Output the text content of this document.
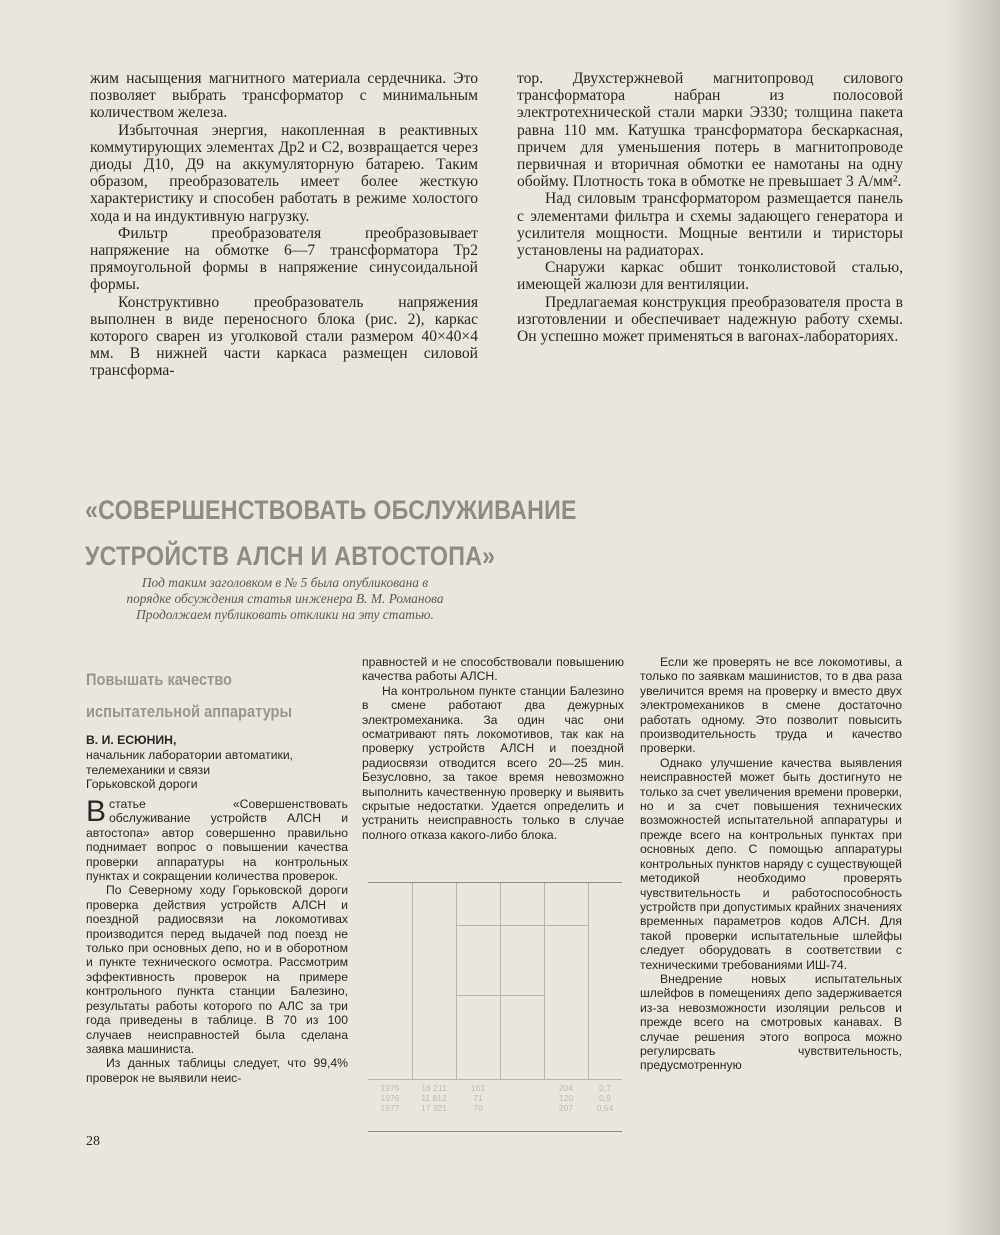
жим насыщения магнитного материала сердечника. Это позволяет выбрать трансформатор с минимальным количеством железа.

Избыточная энергия, накопленная в реактивных коммутирующих элементах Др2 и С2, возвращается через диоды Д10, Д9 на аккумуляторную батарею. Таким образом, преобразователь имеет более жесткую характеристику и способен работать в режиме холостого хода и на индуктивную нагрузку.

Фильтр преобразователя преобразовывает напряжение на обмотке 6—7 трансформатора Тр2 прямоугольной формы в напряжение синусоидальной формы.

Конструктивно преобразователь напряжения выполнен в виде переносного блока (рис. 2), каркас которого сварен из уголковой стали размером 40×40×4 мм. В нижней части каркаса размещен силовой трансформа-

тор. Двухстержневой магнитопровод силового трансформатора набран из полосовой электротехнической стали марки Э330; толщина пакета равна 110 мм. Катушка трансформатора бескаркасная, причем для уменьшения потерь в магнитопроводе первичная и вторичная обмотки ее намотаны на одну обойму. Плотность тока в обмотке не превышает 3 А/мм².

Над силовым трансформатором размещается панель с элементами фильтра и схемы задающего генератора и усилителя мощности. Мощные вентили и тиристоры установлены на радиаторах.

Снаружи каркас обшит тонколистовой сталью, имеющей жалюзи для вентиляции.

Предлагаемая конструкция преобразователя проста в изготовлении и обеспечивает надежную работу схемы. Он успешно может применяться в вагонах-лабораториях.

«СОВЕРШЕНСТВОВАТЬ ОБСЛУЖИВАНИЕ
УСТРОЙСТВ АЛСН И АВТОСТОПА»
Под таким заголовком в № 5 была опубликована в
порядке обсуждения статья инженера В. М. Романова
Продолжаем публиковать отклики на эту статью.
Повышать качество
испытательной аппаратуры
В. И. ЕСЮНИН,
начальник лаборатории автоматики,
телемеханики и связи
Горьковской дороги

Встатье «Совершенствовать обслуживание устройств АЛСН и автостопа» автор совершенно правильно поднимает вопрос о повышении качества проверки аппаратуры на контрольных пунктах и сокращении количества проверок.

По Северному ходу Горьковской дороги проверка действия устройств АЛСН и поездной радиосвязи на локомотивах производится перед выдачей под поезд не только при основных депо, но и в оборотном и пункте технического осмотра. Рассмотрим эффективность проверок на примере контрольного пункта станции Балезино, результаты работы которого по АЛС за три года приведены в таблице. В 70 из 100 случаев неисправностей была сделана заявка машиниста.

Из данных таблицы следует, что 99,4% проверок не выявили неис-

правностей и не способствовали повышению качества работы АЛСН.

На контрольном пункте станции Балезино в смене работают два дежурных электромеханика. За один час они осматривают пять локомотивов, так как на проверку устройств АЛСН и поездной радиосвязи отводится всего 20—25 мин. Безусловно, за такое время невозможно выполнить качественную проверку и выявить скрытые недостатки. Удается определить и устранить неисправность только в случае полного отказа какого-либо блока.

1975	16 211	161	204	0,7
1976	11 812	71	120	0,9
1977	17 321	70	207	0,54

Если же проверять не все локомотивы, а только по заявкам машинистов, то в два раза увеличится время на проверку и вместо двух электромехаников в смене достаточно работать одному. Это позволит повысить производительность труда и качество проверки.

Однако улучшение качества выявления неисправностей может быть достигнуто не только за счет увеличения времени проверки, но и за счет повышения технических возможностей испытательной аппаратуры и прежде всего на контрольных пунктах при основных депо. С помощью аппаратуры контрольных пунктов наряду с существующей методикой необходимо проверять чувствительность и работоспособность устройств при допустимых крайних значениях временных параметров кодов АЛСН. Для такой проверки испытательные шлейфы следует оборудовать в соответствии с техническими требованиями ИШ-74.

Внедрение новых испытательных шлейфов в помещениях депо задерживается из-за невозможности изоляции рельсов и прежде всего на смотровых канавах. В случае решения этого вопроса можно регулирсвать чувствительность, предусмотренную

28
